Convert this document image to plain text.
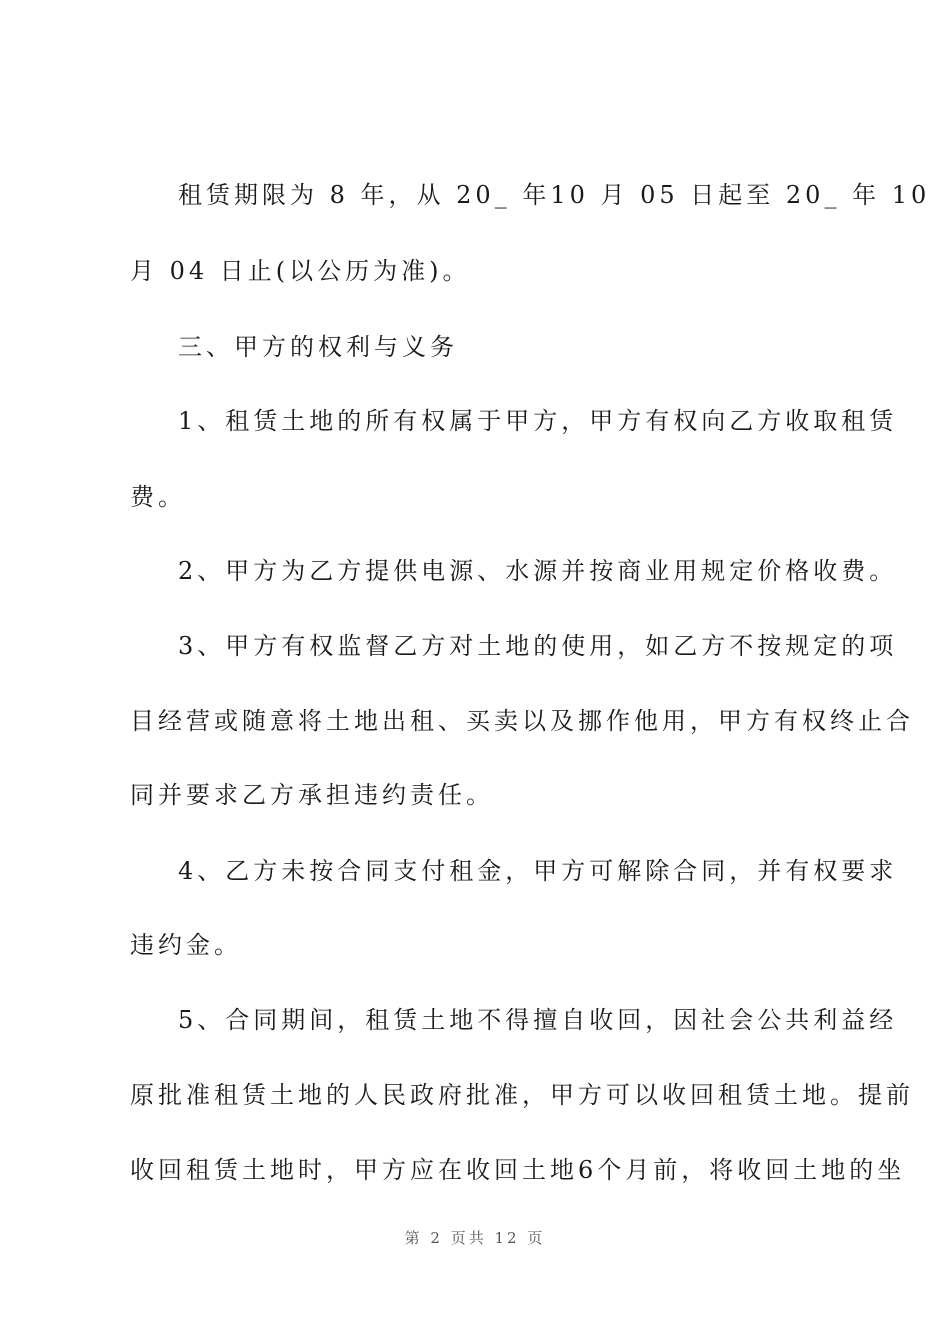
租赁期限为 8 年，从 20_ 年10 月 05 日起至 20_ 年 10
月 04 日止(以公历为准)。
三、甲方的权利与义务
1、租赁土地的所有权属于甲方，甲方有权向乙方收取租赁
费。
2、甲方为乙方提供电源、水源并按商业用规定价格收费。
3、甲方有权监督乙方对土地的使用，如乙方不按规定的项
目经营或随意将土地出租、买卖以及挪作他用，甲方有权终止合
同并要求乙方承担违约责任。
4、乙方未按合同支付租金，甲方可解除合同，并有权要求
违约金。
5、合同期间，租赁土地不得擅自收回，因社会公共利益经
原批准租赁土地的人民政府批准，甲方可以收回租赁土地。提前
收回租赁土地时，甲方应在收回土地6个月前，将收回土地的坐
第 2 页共 12 页
